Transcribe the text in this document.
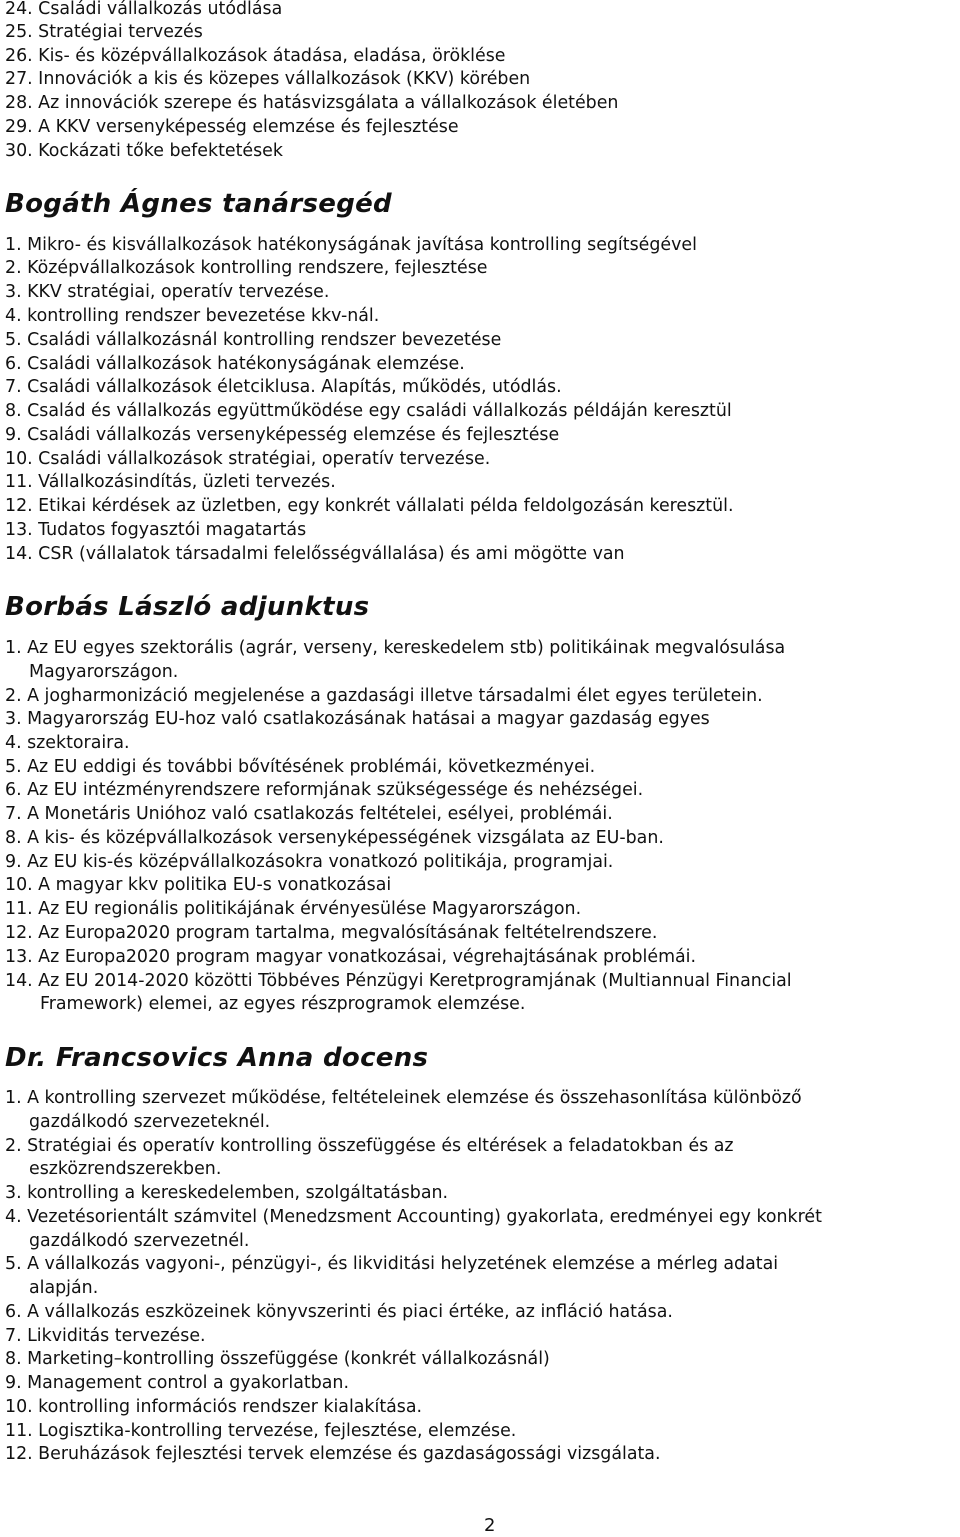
24. Családi vállalkozás utódlása
25. Stratégiai tervezés
26. Kis- és középvállalkozások átadása, eladása, öröklése
27. Innovációk a kis és közepes vállalkozások (KKV) körében
28. Az innovációk szerepe és hatásvizsgálata a vállalkozások életében
29. A KKV versenyképesség elemzése és fejlesztése
30. Kockázati tőke befektetések
Bogáth Ágnes tanársegéd
1. Mikro- és kisvállalkozások hatékonyságának javítása kontrolling segítségével
2. Középvállalkozások kontrolling rendszere, fejlesztése
3. KKV stratégiai, operatív tervezése.
4. kontrolling rendszer bevezetése kkv-nál.
5. Családi vállalkozásnál kontrolling rendszer bevezetése
6. Családi vállalkozások hatékonyságának elemzése.
7. Családi vállalkozások életciklusa. Alapítás, működés, utódlás.
8. Család és vállalkozás együttműködése egy családi vállalkozás példáján keresztül
9. Családi vállalkozás versenyképesség elemzése és fejlesztése
10. Családi vállalkozások stratégiai, operatív tervezése.
11. Vállalkozásindítás, üzleti tervezés.
12. Etikai kérdések az üzletben, egy konkrét vállalati példa feldolgozásán keresztül.
13. Tudatos fogyasztói magatartás
14. CSR (vállalatok társadalmi felelősségvállalása) és ami mögötte van
Borbás László adjunktus
1. Az EU egyes szektorális (agrár, verseny, kereskedelem stb) politikáinak megvalósulása
Magyarországon.
2. A jogharmonizáció megjelenése a gazdasági illetve társadalmi élet egyes területein.
3. Magyarország EU-hoz való csatlakozásának hatásai a magyar gazdaság egyes
4. szektoraira.
5. Az EU eddigi és további bővítésének problémái, következményei.
6. Az EU intézményrendszere reformjának szükségessége és nehézségei.
7. A Monetáris Unióhoz való csatlakozás feltételei, esélyei, problémái.
8. A kis- és középvállalkozások versenyképességének vizsgálata az EU-ban.
9. Az EU kis-és középvállalkozásokra vonatkozó politikája, programjai.
10. A magyar kkv politika EU-s vonatkozásai
11. Az EU regionális politikájának érvényesülése Magyarországon.
12. Az Europa2020 program tartalma, megvalósításának feltételrendszere.
13. Az Europa2020 program magyar vonatkozásai, végrehajtásának problémái.
14. Az EU 2014-2020 közötti Többéves Pénzügyi Keretprogramjának (Multiannual Financial
Framework) elemei, az egyes részprogramok elemzése.
Dr. Francsovics Anna docens
1. A kontrolling szervezet működése, feltételeinek elemzése és összehasonlítása különböző
gazdálkodó szervezeteknél.
2. Stratégiai és operatív kontrolling összefüggése és eltérések a feladatokban és az
eszközrendszerekben.
3. kontrolling a kereskedelemben, szolgáltatásban.
4. Vezetésorientált számvitel (Menedzsment Accounting) gyakorlata, eredményei egy konkrét
gazdálkodó szervezetnél.
5. A vállalkozás vagyoni-, pénzügyi-, és likviditási helyzetének elemzése a mérleg adatai
alapján.
6. A vállalkozás eszközeinek könyvszerinti és piaci értéke, az infláció hatása.
7. Likviditás tervezése.
8. Marketing–kontrolling összefüggése (konkrét vállalkozásnál)
9. Management control a gyakorlatban.
10. kontrolling információs rendszer kialakítása.
11. Logisztika-kontrolling tervezése, fejlesztése, elemzése.
12. Beruházások fejlesztési tervek elemzése és gazdaságossági vizsgálata.
2
